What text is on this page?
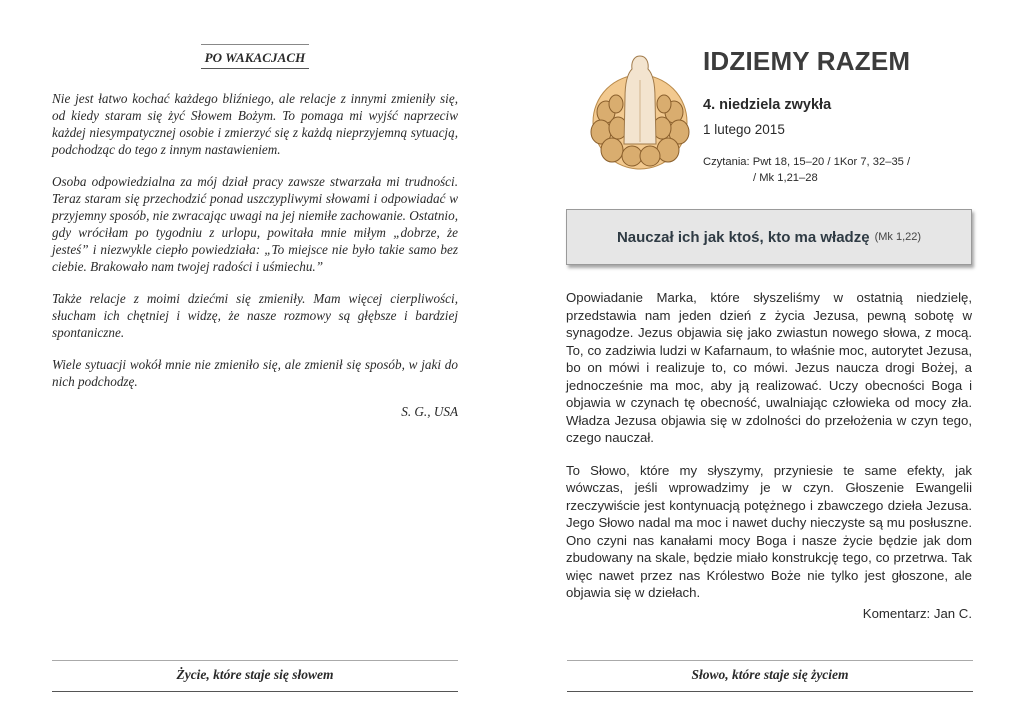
PO WAKACJACH

Nie jest łatwo kochać każdego bliźniego, ale relacje z innymi zmieniły się, od kiedy staram się żyć Słowem Bożym. To pomaga mi wyjść naprzeciw każdej niesympatycznej osobie i zmierzyć się z każdą nieprzyjemną sytuacją, podchodząc do tego z innym nastawieniem.

Osoba odpowiedzialna za mój dział pracy zawsze stwarzała mi trudności. Teraz staram się przechodzić ponad uszczypliwymi słowami i odpowiadać w przyjemny sposób, nie zwracając uwagi na jej niemiłe zachowanie. Ostatnio, gdy wróciłam po tygodniu z urlopu, powitała mnie miłym „dobrze, że jesteś” i niezwykle ciepło powiedziała: „To miejsce nie było takie samo bez ciebie. Brakowało nam twojej radości i uśmiechu.”

Także relacje z moimi dziećmi się zmieniły. Mam więcej cierpliwości, słucham ich chętniej i widzę, że nasze rozmowy są głębsze i bardziej spontaniczne.

Wiele sytuacji wokół mnie nie zmieniło się, ale zmienił się sposób, w jaki do nich podchodzę.

S. G., USA
Życie, które staje się słowem
IDZIEMY RAZEM
4. niedziela zwykła
1 lutego 2015
Czytania: Pwt 18, 15–20 / 1Kor 7, 32–35 /
/ Mk 1,21–28
Nauczał ich jak ktoś, kto ma władzę (Mk 1,22)

Opowiadanie Marka, które słyszeliśmy w ostatnią niedzielę, przedstawia nam jeden dzień z życia Jezusa, pewną sobotę w synagodze. Jezus objawia się jako zwiastun nowego słowa, z mocą. To, co zadziwia ludzi w Kafarnaum, to właśnie moc, autorytet Jezusa, bo on mówi i realizuje to, co mówi. Jezus naucza drogi Bożej, a jednocześnie ma moc, aby ją realizować. Uczy obecności Boga i objawia w czynach tę obecność, uwalniając człowieka od mocy zła. Władza Jezusa objawia się w zdolności do przełożenia w czyn tego, czego nauczał.

To Słowo, które my słyszymy, przyniesie te same efekty, jak wówczas, jeśli wprowadzimy je w czyn. Głoszenie Ewangelii rzeczywiście jest kontynuacją potężnego i zbawczego dzieła Jezusa. Jego Słowo nadal ma moc i nawet duchy nieczyste są mu posłuszne. Ono czyni nas kanałami mocy Boga i nasze życie będzie jak dom zbudowany na skale, będzie miało konstrukcję tego, co przetrwa. Tak więc nawet przez nas Królestwo Boże nie tylko jest głoszone, ale objawia się w dziełach.

Komentarz: Jan C.
Słowo, które staje się życiem
